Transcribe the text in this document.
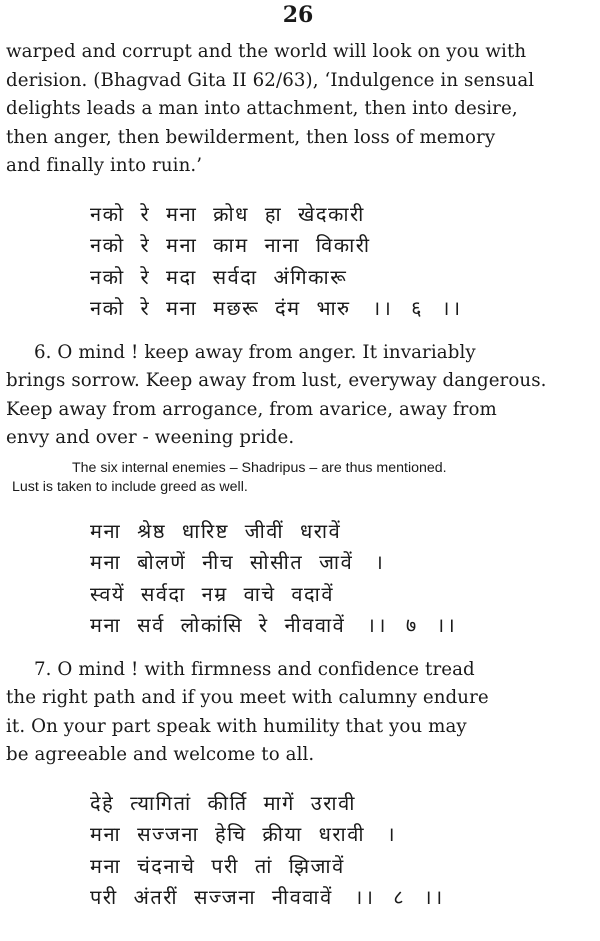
26
warped and corrupt and the world will look on you with
derision. (Bhagvad Gita II 62/63), ‘Indulgence in sensual
delights leads a man into attachment, then into desire,
then anger, then bewilderment, then loss of memory
and finally into ruin.’
नको रे मना क्रोध हा खेदकारी
नको रे मना काम नाना विकारी
नको रे मदा सर्वदा अंगिकारू
नको रे मना मछरू दंम भारु ।। ६ ।।
6. O mind ! keep away from anger. It invariably
brings sorrow. Keep away from lust, everyway dangerous.
Keep away from arrogance, from avarice, away from
envy and over - weening pride.
The six internal enemies – Shadripus – are thus mentioned.
Lust is taken to include greed as well.
मना श्रेष्ठ धारिष्ट जीवीं धरावें
मना बोलणें नीच सोसीत जावें ।
स्वयें सर्वदा नम्र वाचे वदावें
मना सर्व लोकांसि रे नीववावें ।। ७ ।।
7. O mind ! with firmness and confidence tread
the right path and if you meet with calumny endure
it. On your part speak with humility that you may
be agreeable and welcome to all.
देहे त्यागितां कीर्ति मागें उरावी
मना सज्जना हेचि क्रीया धरावी ।
मना चंदनाचे परी तां झिजावें
परी अंतरीं सज्जना नीववावें ।। ८ ।।
